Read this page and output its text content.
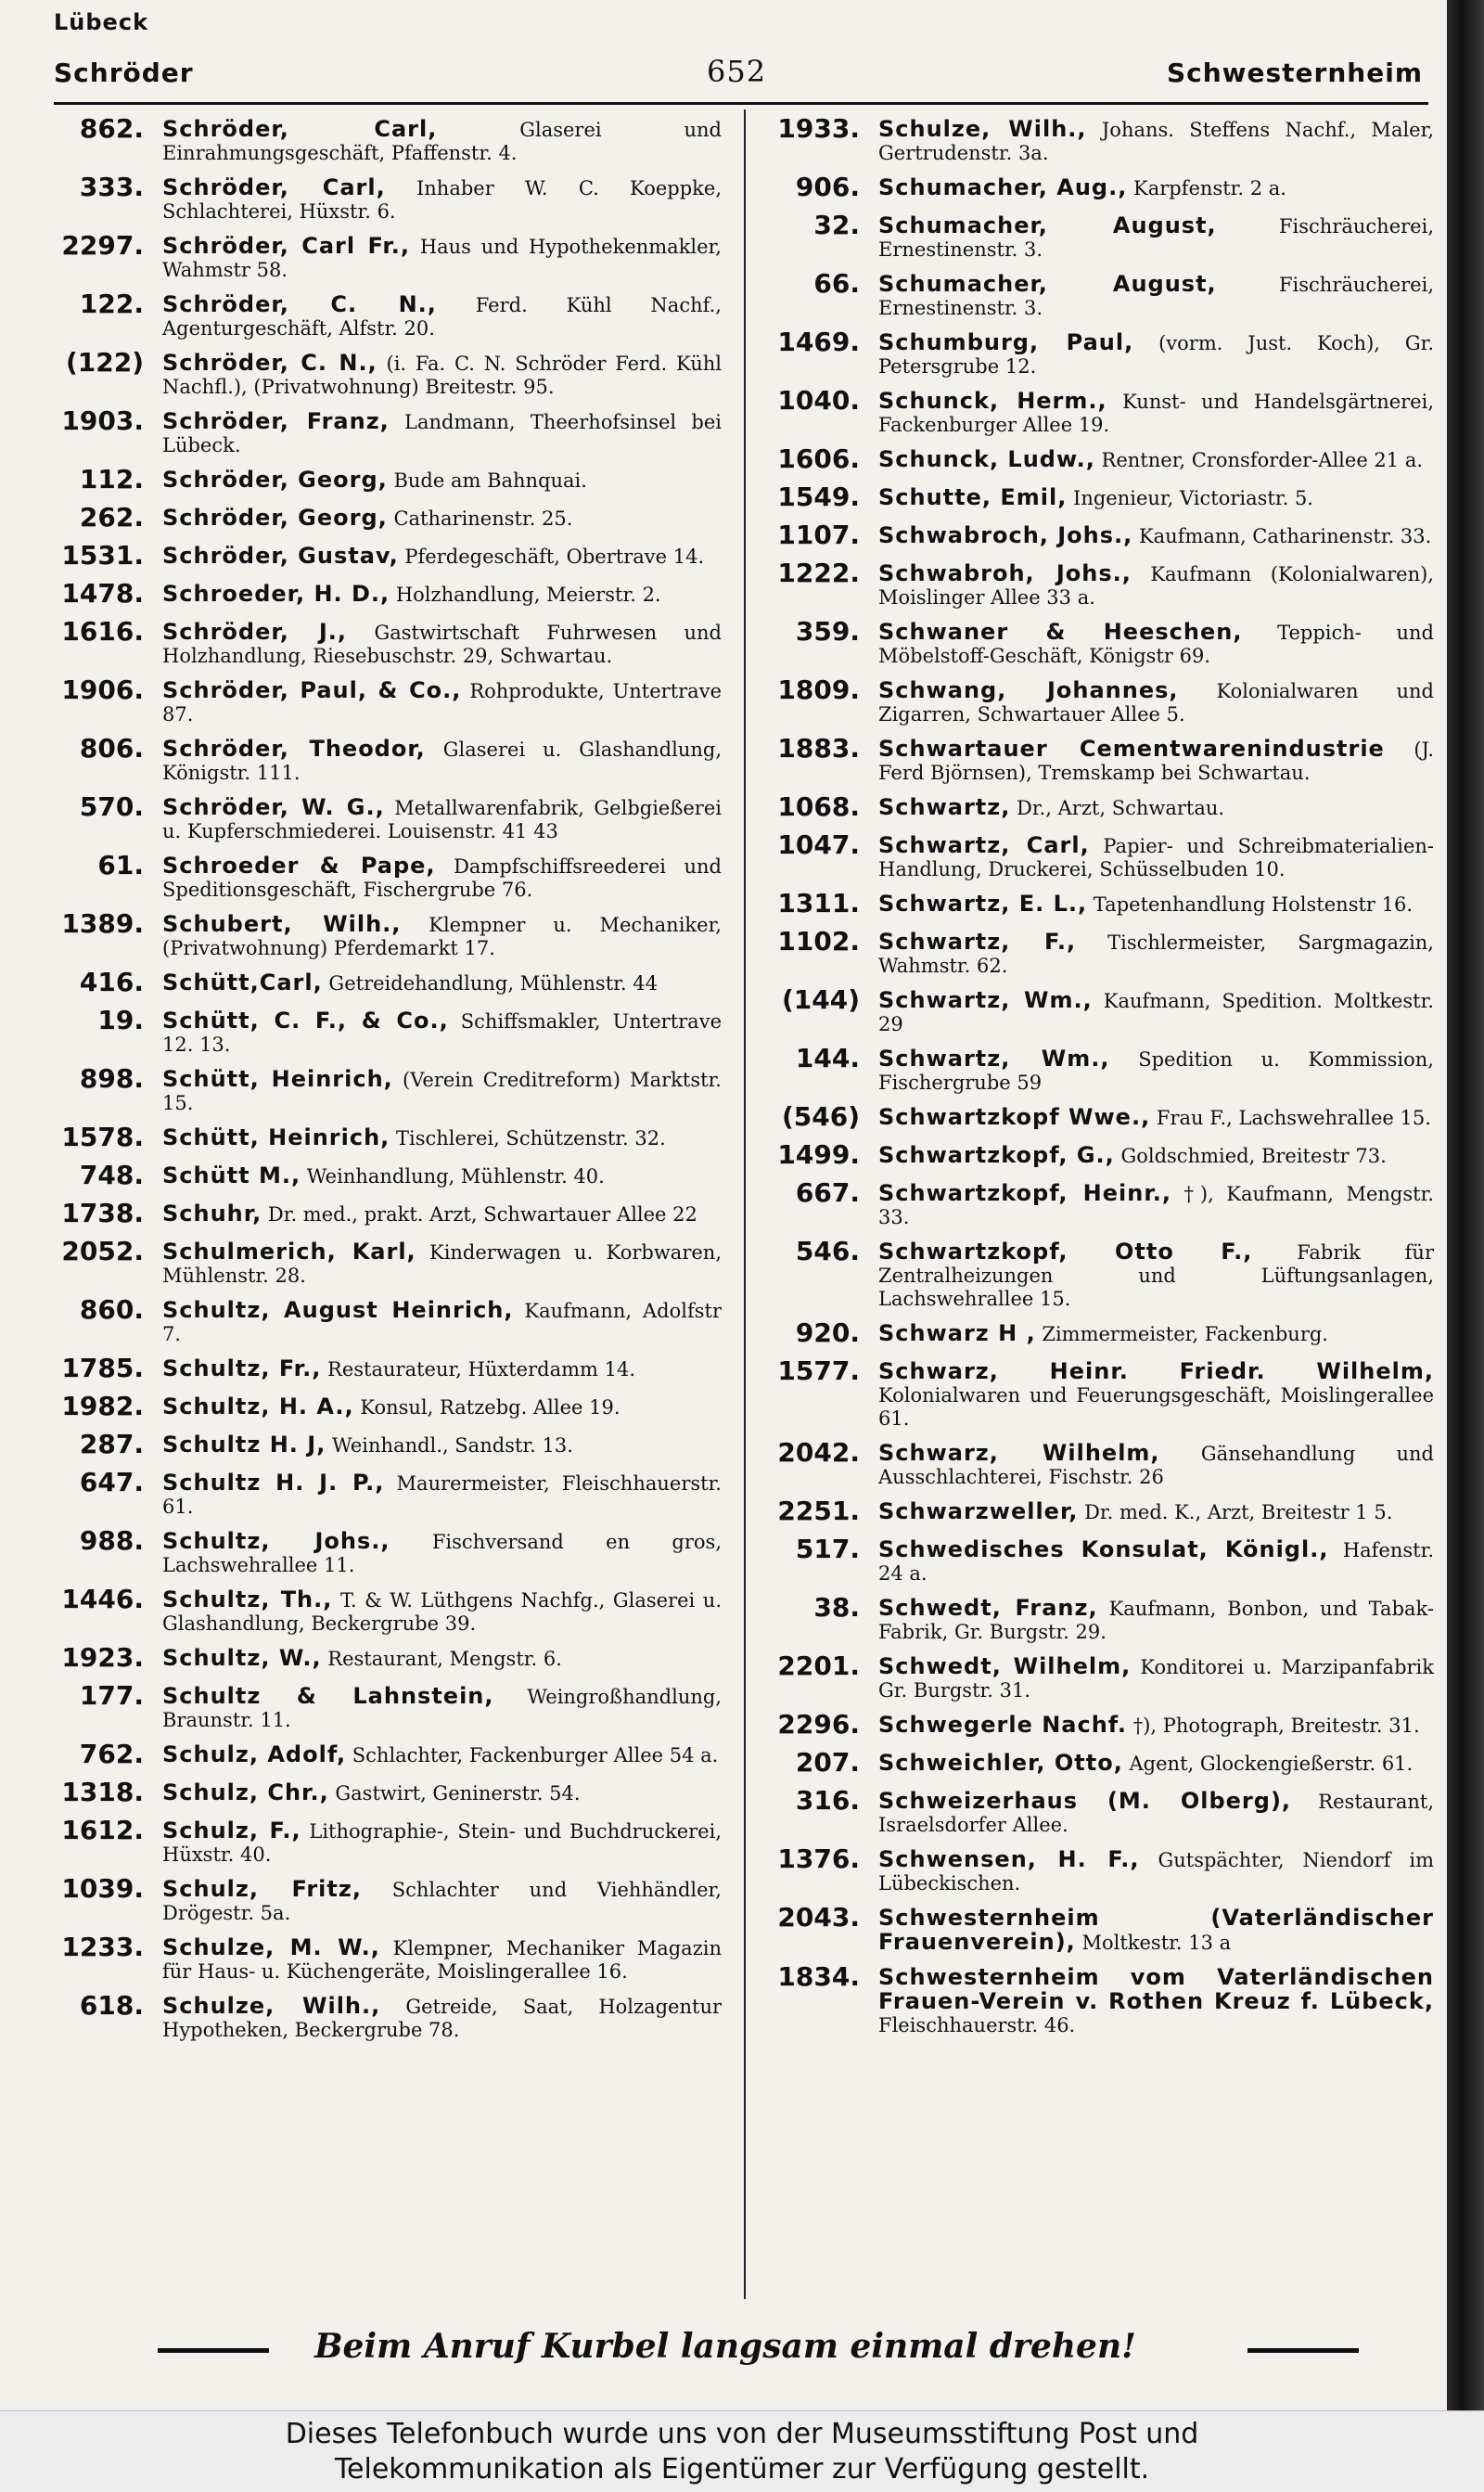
Lübeck
Schröder	652	Schwesternheim
862. Schröder, Carl,	Glaserei und Einrahmungsgeschäft, Pfaffenstr. 4.
333. Schröder, Carl, Inhaber W. C. Koeppke, Schlachterei, Hüxstr. 6.
2297. Schröder, Carl Fr., Haus und Hypothekenmakler, Wahmstr 58.
122. Schröder, C. N., Ferd. Kühl Nachf., Agenturgeschäft, Alfstr. 20.
(122) Schröder, C. N., (i. Fa. C. N. Schröder Ferd. Kühl Nachfl.), (Privatwohnung) Breitestr. 95.
1903. Schröder, Franz, Landmann, Theerhofsinsel bei Lübeck.
112. Schröder, Georg, Bude am Bahnquai.
262. Schröder, Georg, Catharinenstr. 25.
1531. Schröder, Gustav, Pferdegeschäft, Obertrave 14.
1478. Schroeder, H. D., Holzhandlung, Meierstr. 2.
1616. Schröder, J., Gastwirtschaft Fuhrwesen und Holzhandlung, Riesebuschstr. 29, Schwartau.
1906. Schröder, Paul, & Co., Rohprodukte, Untertrave 87.
806. Schröder, Theodor, Glaserei u. Glashandlung, Königstr. 111.
570. Schröder, W. G., Metallwarenfabrik, Gelbgießerei u. Kupferschmiederei. Louisenstr. 41 43
61. Schroeder & Pape, Dampfschiffsreederei und Speditionsgeschäft, Fischergrube 76.
1389. Schubert, Wilh., Klempner u. Mechaniker, (Privatwohnung) Pferdemarkt 17.
416. Schütt,Carl, Getreidehandlung, Mühlenstr. 44
19. Schütt, C. F., & Co., Schiffsmakler, Untertrave 12. 13.
898. Schütt, Heinrich, (Verein Creditreform) Marktstr. 15.
1578. Schütt, Heinrich, Tischlerei, Schützenstr. 32.
748. Schütt M., Weinhandlung, Mühlenstr. 40.
1738. Schuhr, Dr. med., prakt. Arzt, Schwartauer Allee 22
2052. Schulmerich, Karl, Kinderwagen u. Korbwaren, Mühlenstr. 28.
860. Schultz, August Heinrich, Kaufmann, Adolfstr 7.
1785. Schultz, Fr., Restaurateur, Hüxterdamm 14.
1982. Schultz, H. A., Konsul, Ratzebg. Allee 19.
287. Schultz H. J, Weinhandl., Sandstr. 13.
647. Schultz H. J. P., Maurermeister, Fleischhauerstr. 61.
988. Schultz, Johs., Fischversand en gros, Lachswehrallee 11.
1446. Schultz, Th., T. & W. Lüthgens Nachfg., Glaserei u. Glashandlung, Beckergrube 39.
1923. Schultz, W., Restaurant, Mengstr. 6.
177. Schultz & Lahnstein, Weingroßhandlung, Braunstr. 11.
762. Schulz, Adolf, Schlachter, Fackenburger Allee 54 a.
1318. Schulz, Chr., Gastwirt, Geninerstr. 54.
1612. Schulz, F., Lithographie-, Stein- und Buchdruckerei, Hüxstr. 40.
1039. Schulz, Fritz, Schlachter und Viehhändler, Drögestr. 5a.
1233. Schulze, M. W., Klempner, Mechaniker Magazin für Haus- u. Küchengeräte, Moislingerallee 16.
618. Schulze, Wilh., Getreide, Saat, Holzagentur Hypotheken, Beckergrube 78.
1933. Schulze, Wilh., Johans. Steffens Nachf., Maler, Gertrudenstr. 3a.
906. Schumacher, Aug., Karpfenstr. 2 a.
32. Schumacher, August,	Fischräucherei, Ernestinenstr. 3.
66. Schumacher, August,	Fischräucherei, Ernestinenstr. 3.
1469. Schumburg, Paul, (vorm. Just. Koch), Gr. Petersgrube 12.
1040. Schunck, Herm., Kunst- und Handelsgärtnerei, Fackenburger Allee 19.
1606. Schunck, Ludw., Rentner, Cronsforder-Allee 21 a.
1549. Schutte, Emil, Ingenieur, Victoriastr. 5.
1107. Schwabroch, Johs., Kaufmann, Catharinenstr. 33.
1222. Schwabroh, Johs., Kaufmann (Kolonialwaren), Moislinger Allee 33 a.
359. Schwaner & Heeschen, Teppich- und Möbelstoff-Geschäft, Königstr 69.
1809. Schwang, Johannes, Kolonialwaren und Zigarren, Schwartauer Allee 5.
1883. Schwartauer Cementwarenindustrie (J. Ferd Björnsen), Tremskamp bei Schwartau.
1068. Schwartz, Dr., Arzt, Schwartau.
1047. Schwartz, Carl, Papier- und Schreibmaterialien-Handlung, Druckerei, Schüsselbuden 10.
1311. Schwartz, E. L., Tapetenhandlung Holstenstr 16.
1102. Schwartz, F., Tischlermeister, Sargmagazin, Wahmstr. 62.
(144) Schwartz, Wm., Kaufmann, Spedition. Moltkestr. 29
144. Schwartz, Wm., Spedition u. Kommission, Fischergrube 59
(546) Schwartzkopf Wwe., Frau F., Lachswehrallee 15.
1499. Schwartzkopf, G., Goldschmied, Breitestr 73.
667. Schwartzkopf, Heinr., †), Kaufmann, Mengstr. 33.
546. Schwartzkopf, Otto F., Fabrik für Zentralheizungen und Lüftungsanlagen, Lachswehrallee 15.
920. Schwarz H , Zimmermeister, Fackenburg.
1577. Schwarz, Heinr. Friedr. Wilhelm, Kolonialwaren und Feuerungsgeschäft, Moislingerallee 61.
2042. Schwarz, Wilhelm, Gänsehandlung und Ausschlachterei, Fischstr. 26
2251. Schwarzweller, Dr. med. K., Arzt, Breitestr 1 5.
517. Schwedisches Konsulat, Königl., Hafenstr. 24 a.
38. Schwedt, Franz, Kaufmann, Bonbon, und Tabak-Fabrik, Gr. Burgstr. 29.
2201. Schwedt, Wilhelm, Konditorei u. Marzipanfabrik Gr. Burgstr. 31.
2296. Schwegerle Nachf. †), Photograph, Breitestr. 31.
207. Schweichler, Otto, Agent, Glockengießerstr. 61.
316. Schweizerhaus (M. Olberg), Restaurant, Israelsdorfer Allee.
1376. Schwensen, H. F., Gutspächter, Niendorf im Lübeckischen.
2043. Schwesternheim (Vaterländischer Frauenverein), Moltkestr. 13 a
1834. Schwesternheim vom Vaterländischen Frauen-Verein v. Rothen Kreuz f. Lübeck, Fleischhauerstr. 46.
Beim Anruf Kurbel langsam einmal drehen!
Dieses Telefonbuch wurde uns von der Museumsstiftung Post und
Telekommunikation als Eigentümer zur Verfügung gestellt.
